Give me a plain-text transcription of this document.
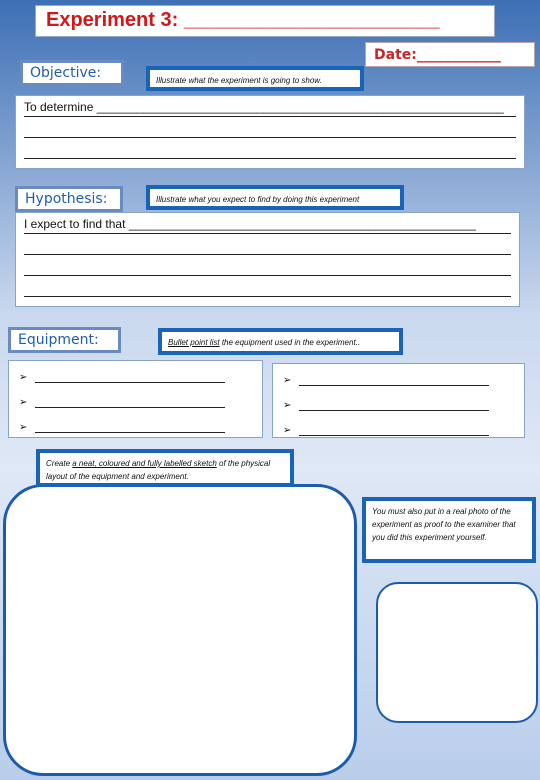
Experiment 3: _______________________
Date:____________
Objective:	Illustrate what the experiment is going to show.
To determine _____________________________________________________________
Hypothesis:	Illustrate what you expect to find by doing this experiment
I expect to find that ____________________________________________________
Equipment:	Bullet point list the equipment used in the experiment..
➢
➢
➢
➢
➢
➢
Create a neat, coloured and fully labelled sketch of the physical layout of the equipment and experiment.
You must also put in a real photo of the experiment as proof to the examiner that you did this experiment yourself.
